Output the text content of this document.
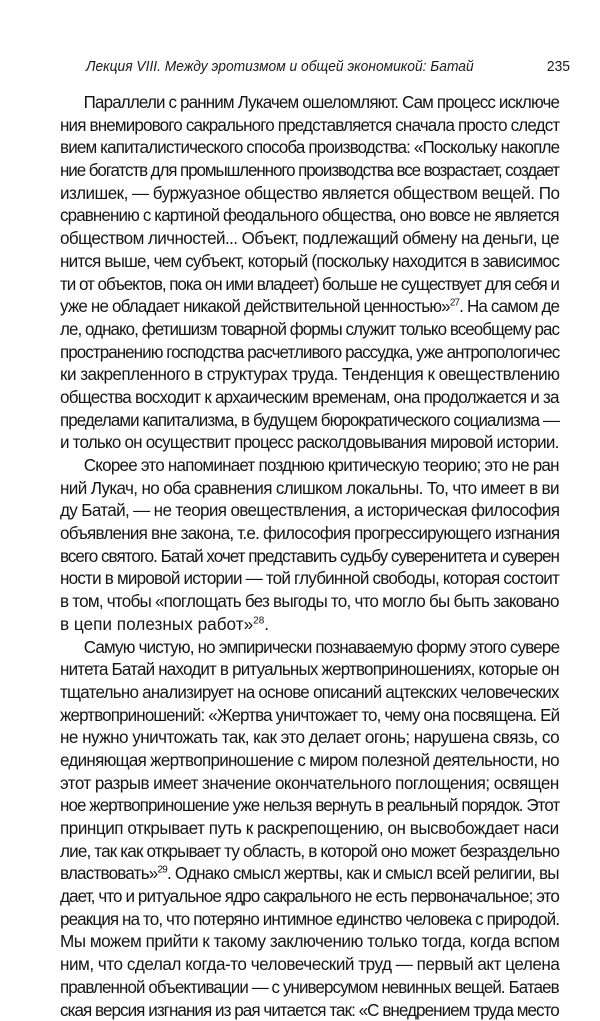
Лекция VIII. Между эротизмом и общей экономикой: Батай	235
Параллели с ранним Лукачем ошеломляют. Сам процесс исключе
ния внемирового сакрального представляется сначала просто следст
вием капиталистического способа производства: «Поскольку накопле
ние богатств для промышленного производства все возрастает, создает
излишек, — буржуазное общество является обществом вещей. По
сравнению с картиной феодального общества, оно вовсе не является
обществом личностей... Объект, подлежащий обмену на деньги, це
нится выше, чем субъект, который (поскольку находится в зависимос
ти от объектов, пока он ими владеет) больше не существует для себя и
уже не обладает никакой действительной ценностью»$^{27}$. На самом де
ле, однако, фетишизм товарной формы служит только всеобщему рас
пространению господства расчетливого рассудка, уже антропологичес
ки закрепленного в структурах труда. Тенденция к овеществлению
общества восходит к архаическим временам, она продолжается и за
пределами капитализма, в будущем бюрократического социализма —
и только он осуществит процесс расколдовывания мировой истории.
Скорее это напоминает позднюю критическую теорию; это не ран
ний Лукач, но оба сравнения слишком локальны. То, что имеет в ви
ду Батай, — не теория овеществления, а историческая философия
объявления вне закона, т.е. философия прогрессирующего изгнания
всего святого. Батай хочет представить судьбу суверенитета и суверен
ности в мировой истории — той глубинной свободы, которая состоит
в том, чтобы «поглощать без выгоды то, что могло бы быть заковано
в цепи полезных работ»$^{28}$.
Самую чистую, но эмпирически познаваемую форму этого сувере
нитета Батай находит в ритуальных жертвоприношениях, которые он
тщательно анализирует на основе описаний ацтекских человеческих
жертвоприношений: «Жертва уничтожает то, чему она посвящена. Ей
не нужно уничтожать так, как это делает огонь; нарушена связь, со
единяющая жертвоприношение с миром полезной деятельности, но
этот разрыв имеет значение окончательного поглощения; освящен
ное жертвоприношение уже нельзя вернуть в реальный порядок. Этот
принцип открывает путь к раскрепощению, он высвобождает наси
лие, так как открывает ту область, в которой оно может безраздельно
властвовать»$^{29}$. Однако смысл жертвы, как и смысл всей религии, вы
дает, что и ритуальное ядро сакрального не есть первоначальное; это
реакция на то, что потеряно интимное единство человека с природой.
Мы можем прийти к такому заключению только тогда, когда вспом
ним, что сделал когда-то человеческий труд — первый акт целена
правленной объективации — с универсумом невинных вещей. Батаев
ская версия изгнания из рая читается так: «С внедрением труда место
